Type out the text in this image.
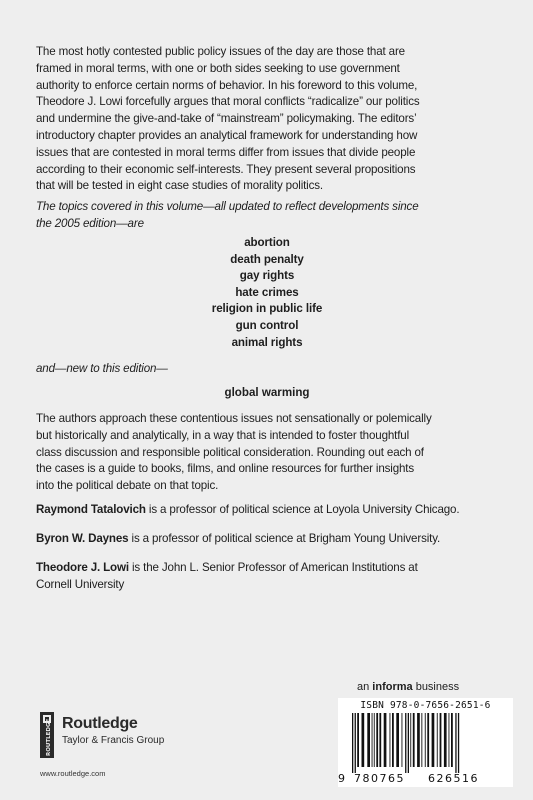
The most hotly contested public policy issues of the day are those that are
framed in moral terms, with one or both sides seeking to use government
authority to enforce certain norms of behavior. In his foreword to this volume,
Theodore J. Lowi forcefully argues that moral conflicts “radicalize” our politics
and undermine the give-and-take of “mainstream” policymaking. The editors’
introductory chapter provides an analytical framework for understanding how
issues that are contested in moral terms differ from issues that divide people
according to their economic self-interests. They present several propositions
that will be tested in eight case studies of morality politics.
The topics covered in this volume—all updated to reflect developments since
the 2005 edition—are
abortion
death penalty
gay rights
hate crimes
religion in public life
gun control
animal rights
and—new to this edition—
global warming
The authors approach these contentious issues not sensationally or polemically
but historically and analytically, in a way that is intended to foster thoughtful
class discussion and responsible political consideration. Rounding out each of
the cases is a guide to books, films, and online resources for further insights
into the political debate on that topic.
Raymond Tatalovich is a professor of political science at Loyola University Chicago.
Byron W. Daynes is a professor of political science at Brigham Young University.
Theodore J. Lowi is the John L. Senior Professor of American Institutions at
Cornell University
ROUTLEDGE Routledge
Taylor & Francis Group
www.routledge.com
an informa business
ISBN 978-0-7656-2651-6
9 780765 626516
